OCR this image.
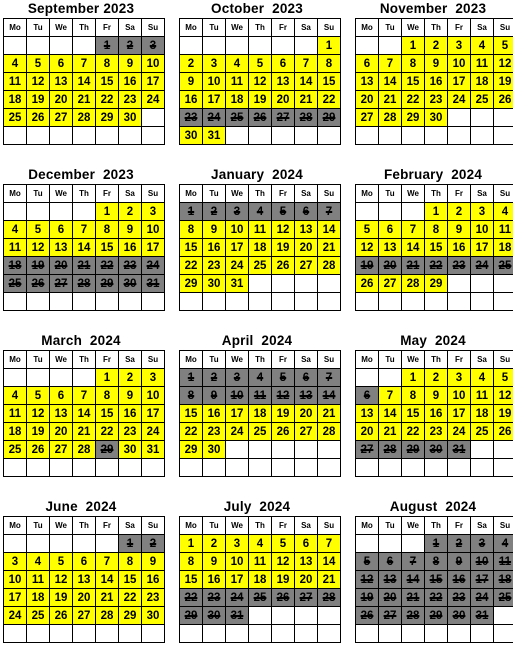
September 2023
Mo	Tu	We	Th	Fr	Sa	Su
				1	2	3
4	5	6	7	8	9	10
11	12	13	14	15	16	17
18	19	20	21	22	23	24
25	26	27	28	29	30	

October  2023
Mo	Tu	We	Th	Fr	Sa	Su
						1
2	3	4	5	6	7	8
9	10	11	12	13	14	15
16	17	18	19	20	21	22
23	24	25	26	27	28	29
30	31					
November  2023
Mo	Tu	We	Th	Fr	Sa	Su
		1	2	3	4	5
6	7	8	9	10	11	12
13	14	15	16	17	18	19
20	21	22	23	24	25	26
27	28	29	30			

December  2023
Mo	Tu	We	Th	Fr	Sa	Su
				1	2	3
4	5	6	7	8	9	10
11	12	13	14	15	16	17
18	19	20	21	22	23	24
25	26	27	28	29	30	31

January  2024
Mo	Tu	We	Th	Fr	Sa	Su
1	2	3	4	5	6	7
8	9	10	11	12	13	14
15	16	17	18	19	20	21
22	23	24	25	26	27	28
29	30	31				

February  2024
Mo	Tu	We	Th	Fr	Sa	Su
			1	2	3	4
5	6	7	8	9	10	11
12	13	14	15	16	17	18
19	20	21	22	23	24	25
26	27	28	29			

March  2024
Mo	Tu	We	Th	Fr	Sa	Su
				1	2	3
4	5	6	7	8	9	10
11	12	13	14	15	16	17
18	19	20	21	22	23	24
25	26	27	28	29	30	31

April  2024
Mo	Tu	We	Th	Fr	Sa	Su
1	2	3	4	5	6	7
8	9	10	11	12	13	14
15	16	17	18	19	20	21
22	23	24	25	26	27	28
29	30					

May  2024
Mo	Tu	We	Th	Fr	Sa	Su
		1	2	3	4	5
6	7	8	9	10	11	12
13	14	15	16	17	18	19
20	21	22	23	24	25	26
27	28	29	30	31		

June  2024
Mo	Tu	We	Th	Fr	Sa	Su
					1	2
3	4	5	6	7	8	9
10	11	12	13	14	15	16
17	18	19	20	21	22	23
24	25	26	27	28	29	30

July  2024
Mo	Tu	We	Th	Fr	Sa	Su
1	2	3	4	5	6	7
8	9	10	11	12	13	14
15	16	17	18	19	20	21
22	23	24	25	26	27	28
29	30	31				

August  2024
Mo	Tu	We	Th	Fr	Sa	Su
			1	2	3	4
5	6	7	8	9	10	11
12	13	14	15	16	17	18
19	20	21	22	23	24	25
26	27	28	29	30	31	
